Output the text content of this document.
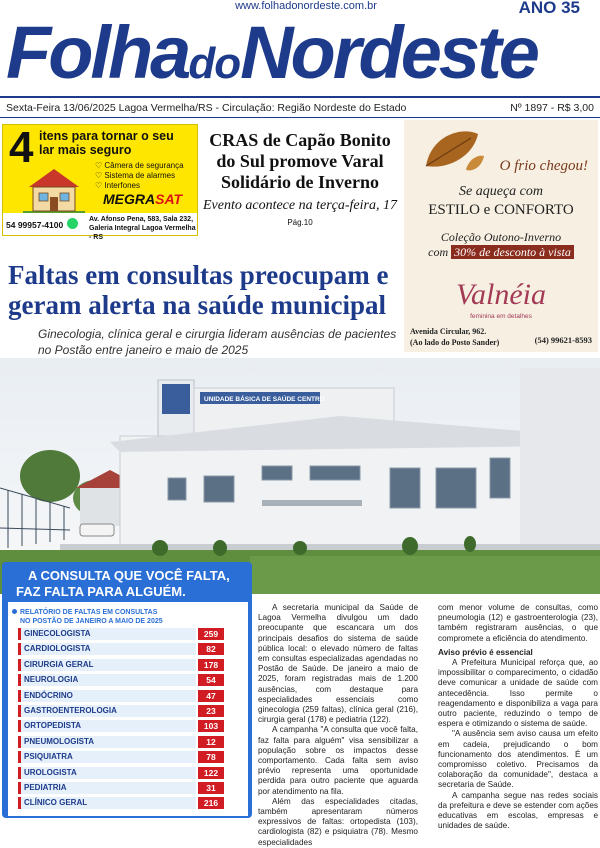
www.folhadonordeste.com.br	ANO 35
FolhadoNordeste
Sexta-Feira 13/06/2025 Lagoa Vermelha/RS - Circulação: Região Nordeste do Estado	Nº 1897 - R$ 3,00
4 itens para tornar o seu lar mais seguro
♡ Câmera de segurança
♡ Sistema de alarmes
♡ Interfones
MEGRASAT
54 99957-4100
Av. Afonso Pena, 583, Sala 232, Galeria Integral Lagoa Vermelha - RS
CRAS de Capão Bonito do Sul promove Varal Solidário de Inverno
Evento acontece na terça-feira, 17
Pág.10
O frio chegou!
Se aqueça com
ESTILO e CONFORTO
Coleção Outono-Inverno
com 30% de desconto à vista
Valnéia
feminina em detalhes
Avenida Circular, 962.
(Ao lado do Posto Sander)	(54) 99621-8593
Faltas em consultas preocupam e geram alerta na saúde municipal
Ginecologia, clínica geral e cirurgia lideram ausências de pacientes no Postão entre janeiro e maio de 2025
UNIDADE BÁSICA DE SAÚDE CENTRO
A CONSULTA QUE VOCÊ FALTA,
FAZ FALTA PARA ALGUÉM.
RELATÓRIO DE FALTAS EM CONSULTAS
NO POSTÃO DE JANEIRO A MAIO DE 2025
GINECOLOGISTA	259
CARDIOLOGISTA	82
CIRURGIA GERAL	178
NEUROLOGIA	54
ENDÓCRINO	47
GASTROENTEROLOGIA	23
ORTOPEDISTA	103
PNEUMOLOGISTA	12
PSIQUIATRA	78
UROLOGISTA	122
PEDIATRIA	31
CLÍNICO GERAL	216

A secretaria municipal da Saúde de Lagoa Vermelha divulgou um dado preocupante que escancara um dos principais desafios do sistema de saúde pública local: o elevado número de faltas em consultas especializadas agendadas no Postão de Saúde. De janeiro a maio de 2025, foram registradas mais de 1.200 ausências, com destaque para especialidades essenciais como ginecologia (259 faltas), clínica geral (216), cirurgia geral (178) e pediatria (122).

A campanha "A consulta que você falta, faz falta para alguém" visa sensibilizar a população sobre os impactos desse comportamento. Cada falta sem aviso prévio representa uma oportunidade perdida para outro paciente que aguarda por atendimento na fila.

Além das especialidades citadas, também apresentaram números expressivos de faltas: ortopedista (103), cardiologista (82) e psiquiatra (78). Mesmo especialidades

com menor volume de consultas, como pneumologia (12) e gastroenterologia (23), também registraram ausências, o que compromete a eficiência do atendimento.

Aviso prévio é essencial

A Prefeitura Municipal reforça que, ao impossibilitar o comparecimento, o cidadão deve comunicar a unidade de saúde com antecedência. Isso permite o reagendamento e disponibiliza a vaga para outro paciente, reduzindo o tempo de espera e otimizando o sistema de saúde.

"A ausência sem aviso causa um efeito em cadeia, prejudicando o bom funcionamento dos atendimentos. É um compromisso coletivo. Precisamos da colaboração da comunidade", destaca a secretaria de Saúde.

A campanha segue nas redes sociais da prefeitura e deve se estender com ações educativas em escolas, empresas e unidades de saúde.
